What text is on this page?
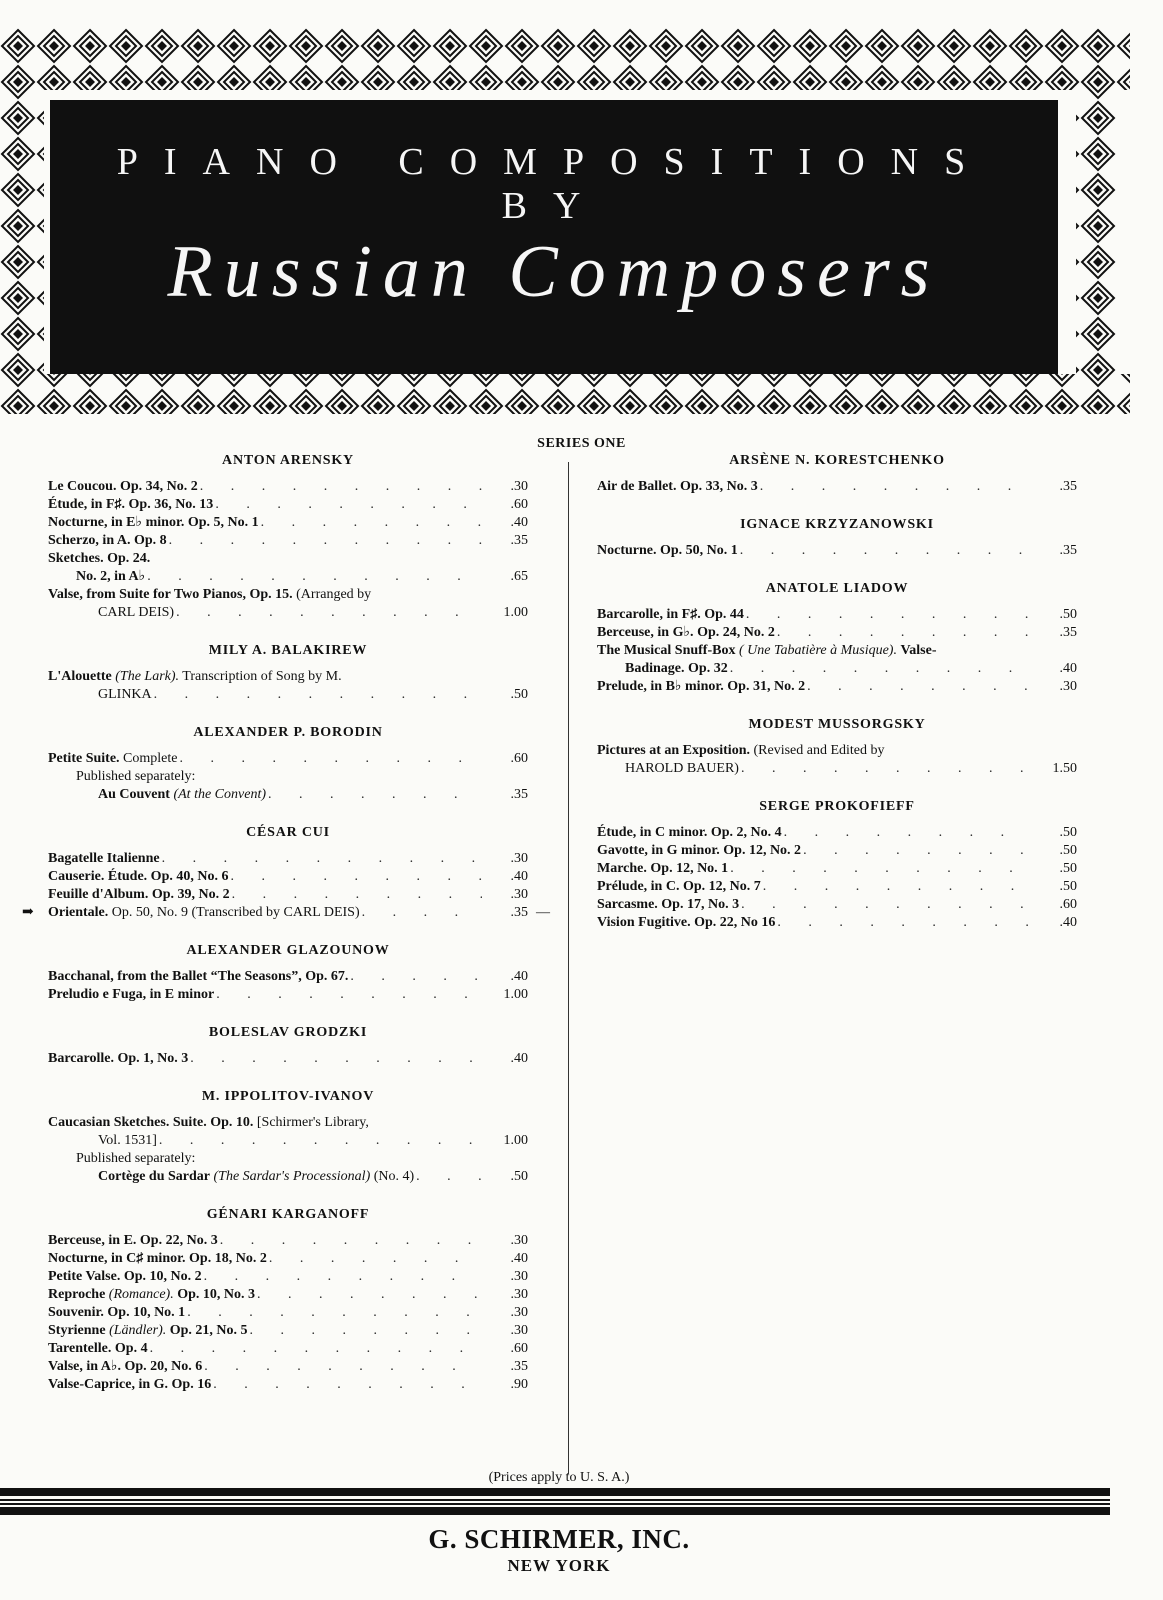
PIANO COMPOSITIONS BY
Russian Composers
SERIES ONE
ANTON ARENSKY
Le Coucou. Op. 34, No. 2 . . .	.30
Étude, in F♯. Op. 36, No. 13 . . .	.60
Nocturne, in E♭ minor. Op. 5, No. 1 . . .	.40
Scherzo, in A. Op. 8 . . .	.35
Sketches. Op. 24.
No. 2, in A♭ . . .	.65
Valse, from Suite for Two Pianos, Op. 15. (Arranged by
CARL DEIS) . . .	1.00
MILY A. BALAKIREW
L'Alouette (The Lark). Transcription of Song by M.
GLINKA . . .	.50
ALEXANDER P. BORODIN
Petite Suite. Complete . . .	.60
Published separately:
Au Couvent (At the Convent) . . .	.35
CÉSAR CUI
Bagatelle Italienne . . .	.30
Causerie. Étude. Op. 40, No. 6 . . .	.40
Feuille d'Album. Op. 39, No. 2 . . .	.30
➡ Orientale. Op. 50, No. 9 (Transcribed by CARL DEIS) . . .	.35 —
ALEXANDER GLAZOUNOW
Bacchanal, from the Ballet “The Seasons”, Op. 67. . . .	.40
Preludio e Fuga, in E minor . . .	1.00
BOLESLAV GRODZKI
Barcarolle. Op. 1, No. 3 . . .	.40
M. IPPOLITOV-IVANOV
Caucasian Sketches. Suite. Op. 10. [Schirmer's Library,
Vol. 1531] . . .	1.00
Published separately:
Cortège du Sardar (The Sardar's Processional) (No. 4) . . .	.50
GÉNARI KARGANOFF
Berceuse, in E. Op. 22, No. 3 . . .	.30
Nocturne, in C♯ minor. Op. 18, No. 2 . . .	.40
Petite Valse. Op. 10, No. 2 . . .	.30
Reproche (Romance). Op. 10, No. 3 . . .	.30
Souvenir. Op. 10, No. 1 . . .	.30
Styrienne (Ländler). Op. 21, No. 5 . . .	.30
Tarentelle. Op. 4 . . .	.60
Valse, in A♭. Op. 20, No. 6 . . .	.35
Valse-Caprice, in G. Op. 16 . . .	.90
ARSÈNE N. KORESTCHENKO
Air de Ballet. Op. 33, No. 3 . . .	.35
IGNACE KRZYZANOWSKI
Nocturne. Op. 50, No. 1 . . .	.35
ANATOLE LIADOW
Barcarolle, in F♯. Op. 44 . . .	.50
Berceuse, in G♭. Op. 24, No. 2 . . .	.35
The Musical Snuff-Box ( Une Tabatière à Musique). Valse-
Badinage. Op. 32 . . .	.40
Prelude, in B♭ minor. Op. 31, No. 2 . . .	.30
MODEST MUSSORGSKY
Pictures at an Exposition. (Revised and Edited by
HAROLD BAUER) . . .	1.50
SERGE PROKOFIEFF
Étude, in C minor. Op. 2, No. 4 . . .	.50
Gavotte, in G minor. Op. 12, No. 2 . . .	.50
Marche. Op. 12, No. 1 . . .	.50
Prélude, in C. Op. 12, No. 7 . . .	.50
Sarcasme. Op. 17, No. 3 . . .	.60
Vision Fugitive. Op. 22, No 16 . . .	.40
(Prices apply to U. S. A.)
G. SCHIRMER, INC.
NEW YORK
